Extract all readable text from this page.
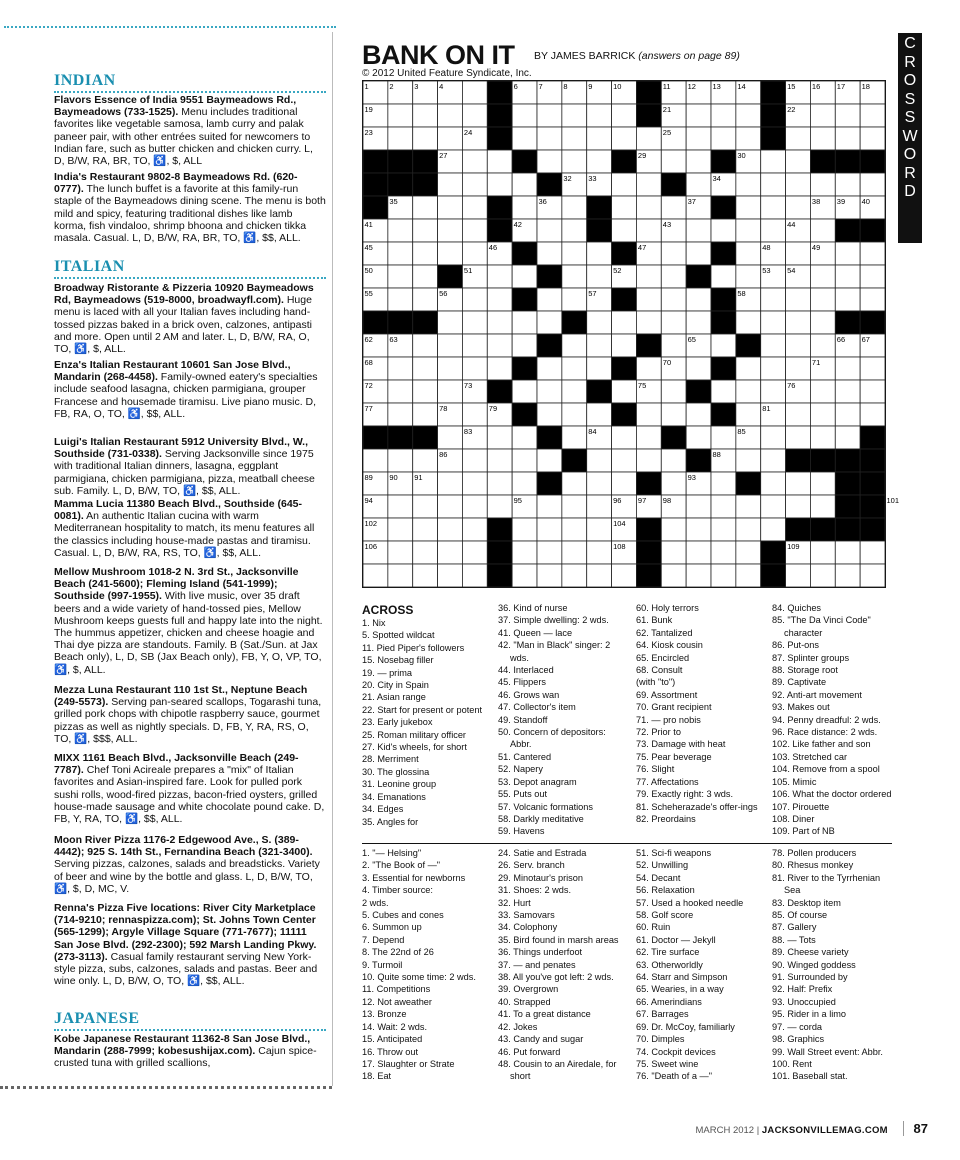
INDIAN
Flavors Essence of India 9551 Baymeadows Rd., Baymeadows (733-1525). Menu includes traditional favorites like vegetable samosa, lamb curry and palak paneer pair, with other entrées suited for newcomers to Indian fare, such as butter chicken and chicken curry. L, D, B/W, RA, BR, TO, ♿, $, ALL
India's Restaurant 9802-8 Baymeadows Rd. (620-0777). The lunch buffet is a favorite at this family-run staple of the Baymeadows dining scene. The menu is both mild and spicy, featuring traditional dishes like lamb korma, fish vindaloo, shrimp bhoona and chicken tikka masala. Casual. L, D, B/W, RA, BR, TO, ♿, $$, ALL.
ITALIAN
Broadway Ristorante & Pizzeria 10920 Baymeadows Rd, Baymeadows (519-8000, broadwayfl.com). Huge menu is laced with all your Italian faves including hand-tossed pizzas baked in a brick oven, calzones, antipasti and more. Open until 2 AM and later. L, D, B/W, RA, O, TO, ♿, $, ALL.
Enza's Italian Restaurant 10601 San Jose Blvd., Mandarin (268-4458). Family-owned eatery's specialties include seafood lasagna, chicken parmigiana, grouper Francese and housemade tiramisu. Live piano music. D, FB, RA, O, TO, ♿, $$, ALL.
Luigi's Italian Restaurant 5912 University Blvd., W., Southside (731-0338). Serving Jacksonville since 1975 with traditional Italian dinners, lasagna, eggplant parmigiana, chicken parmigiana, pizza, meatball cheese sub. Family. L, D, B/W, TO, ♿, $$, ALL.
Mamma Lucia 11380 Beach Blvd., Southside (645-0081). An authentic Italian cucina with warm Mediterranean hospitality to match, its menu features all the classics including house-made pastas and tiramisu. Casual. L, D, B/W, RA, RS, TO, ♿, $$, ALL.
Mellow Mushroom 1018-2 N. 3rd St., Jacksonville Beach (241-5600); Fleming Island (541-1999); Southside (997-1955). With live music, over 35 draft beers and a wide variety of hand-tossed pies, Mellow Mushroom keeps guests full and happy late into the night. The hummus appetizer, chicken and cheese hoagie and Thai dye pizza are standouts. Family. B (Sat./Sun. at Jax Beach only), L, D, SB (Jax Beach only), FB, Y, O, VP, TO, ♿, $, ALL.
Mezza Luna Restaurant 110 1st St., Neptune Beach (249-5573). Serving pan-seared scallops, Togarashi tuna, grilled pork chops with chipotle raspberry sauce, gourmet pizzas as well as nightly specials. D, FB, Y, RA, RS, O, TO, ♿, $$$, ALL.
MIXX 1161 Beach Blvd., Jacksonville Beach (249-7787). Chef Toni Acireale prepares a "mix" of Italian favorites and Asian-inspired fare. Look for pulled pork sushi rolls, wood-fired pizzas, bacon-fried oysters, grilled house-made sausage and white chocolate pound cake. D, FB, Y, RA, TO, ♿, $$, ALL.
Moon River Pizza 1176-2 Edgewood Ave., S. (389-4442); 925 S. 14th St., Fernandina Beach (321-3400). Serving pizzas, calzones, salads and breadsticks. Variety of beer and wine by the bottle and glass. L, D, B/W, TO, ♿, $, D, MC, V.
Renna's Pizza Five locations: River City Marketplace (714-9210; rennaspizza.com); St. Johns Town Center (565-1299); Argyle Village Square (771-7677); 11111 San Jose Blvd. (292-2300); 592 Marsh Landing Pkwy. (273-3113). Casual family restaurant serving New York-style pizza, subs, calzones, salads and pastas. Beer and wine only. L, D, B/W, O, TO, ♿, $$, ALL.
JAPANESE
Kobe Japanese Restaurant 11362-8 San Jose Blvd., Mandarin (288-7999; kobesushijax.com). Cajun spice-crusted tuna with grilled scallions,
BANK ON IT BY JAMES BARRICK (answers on page 89)
© 2012 United Feature Syndicate, Inc.
C
R
O
S
S
W
O
R
D
1	2	3	4	5	6	7	8	9	10	11 12 13 14	15 16 17 18
19	20	21	22
23	24	25	26
27	28 29	30
31	32 33	34
35	36	37	38 39 40
41	42	43	44
45	46	47	48	49
50	51	52	53 54
55	56	57	58
59	60	61
62 63	64	65	66 67
68	69	70	71
72	73 74	75	76
77	78	79	80	81
82	83	84	85
86	87	88
89 90 91	92	93
94	95	96 97 98	99 100 101
102	103	104	105
106	107	108	109
ACROSS
1. Nix
5. Spotted wildcat
11. Pied Piper's followers
15. Nosebag filler
19. — prima
20. City in Spain
21. Asian range
22. Start for present or potent
23. Early jukebox
25. Roman military officer
27. Kid's wheels, for short
28. Merriment
30. The glossina
31. Leonine group
34. Emanations
34. Edges
35. Angles for
36. Kind of nurse
37. Simple dwelling: 2 wds.
41. Queen — lace
42. "Man in Black" singer: 2 wds.
44. Interlaced
45. Flippers
46. Grows wan
47. Collector's item
49. Standoff
50. Concern of depositors: Abbr.
51. Cantered
52. Napery
53. Depot anagram
55. Puts out
57. Volcanic formations
58. Darkly meditative
59. Havens
60. Holy terrors
61. Bunk
62. Tantalized
64. Kiosk cousin
65. Encircled
68. Consult
(with "to")
69. Assortment
70. Grant recipient
71. — pro nobis
72. Prior to
73. Damage with heat
75. Pear beverage
76. Slight
77. Affectations
79. Exactly right: 3 wds.
81. Scheherazade's offer-ings
82. Preordains
84. Quiches
85. "The Da Vinci Code" character
86. Put-ons
87. Splinter groups
88. Storage root
89. Captivate
92. Anti-art movement
93. Makes out
94. Penny dreadful: 2 wds.
96. Race distance: 2 wds.
102. Like father and son
103. Stretched car
104. Remove from a spool
105. Mimic
106. What the doctor ordered
107. Pirouette
108. Diner
109. Part of NB
1. "— Helsing"
2. "The Book of —"
3. Essential for newborns
4. Timber source:
2 wds.
5. Cubes and cones
6. Summon up
7. Depend
8. The 22nd of 26
9. Turmoil
10. Quite some time: 2 wds.
11. Competitions
12. Not aweather
13. Bronze
14. Wait: 2 wds.
15. Anticipated
16. Throw out
17. Slaughter or Strate
18. Eat
24. Satie and Estrada
26. Serv. branch
29. Minotaur's prison
31. Shoes: 2 wds.
32. Hurt
33. Samovars
34. Colophony
35. Bird found in marsh areas
36. Things underfoot
37. — and penates
38. All you've got left: 2 wds.
39. Overgrown
40. Strapped
41. To a great distance
42. Jokes
43. Candy and sugar
46. Put forward
48. Cousin to an Airedale, for short
51. Sci-fi weapons
52. Unwilling
54. Decant
56. Relaxation
57. Used a hooked needle
58. Golf score
60. Ruin
61. Doctor — Jekyll
62. Tire surface
63. Otherworldly
64. Starr and Simpson
65. Wearies, in a way
66. Amerindians
67. Barrages
69. Dr. McCoy, familiarly
70. Dimples
74. Cockpit devices
75. Sweet wine
76. "Death of a —"
78. Pollen producers
80. Rhesus monkey
81. River to the Tyrrhenian Sea
83. Desktop item
85. Of course
87. Gallery
88. — Tots
89. Cheese variety
90. Winged goddess
91. Surrounded by
92. Half: Prefix
93. Unoccupied
95. Rider in a limo
97. — corda
98. Graphics
99. Wall Street event: Abbr.
100. Rent
101. Baseball stat.
MARCH 2012 | JACKSONVILLEMAG.COM 87
